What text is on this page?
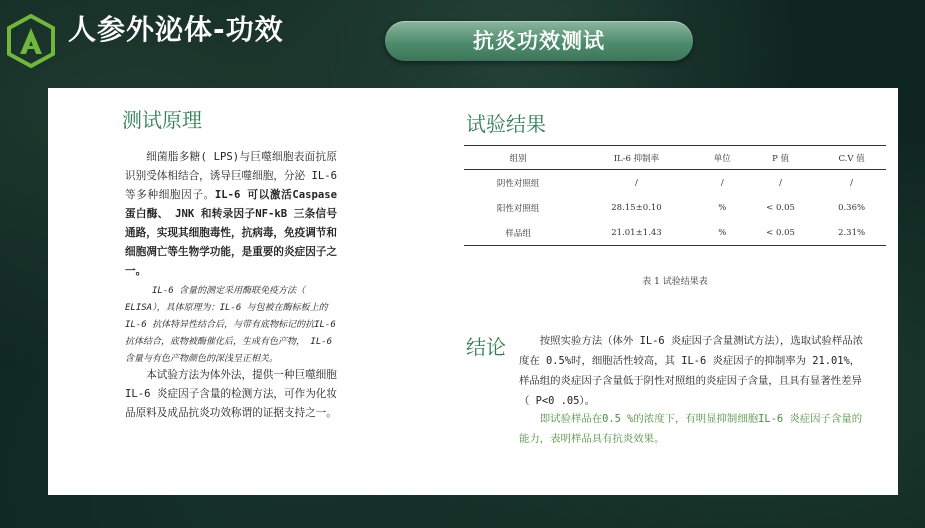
人参外泌体-功效	抗炎功效测试
测试原理

细菌脂多糖( LPS)与巨噬细胞表面抗原识别受体相结合，诱导巨噬细胞，分泌 IL-6 等多种细胞因子。IL-6 可以激活Caspase蛋白酶、 JNK 和转录因子NF-kB 三条信号通路，实现其细胞毒性，抗病毒，免疫调节和细胞凋亡等生物学功能，是重要的炎症因子之一。

IL-6 含量的测定采用酶联免疫方法（ ELISA），具体原理为：IL-6 与包被在酶标板上的 IL-6 抗体特异性结合后，与带有底物标记的抗IL-6抗体结合，底物被酶催化后，生成有色产物， IL-6 含量与有色产物颜色的深浅呈正相关。

本试验方法为体外法，提供一种巨噬细胞 IL-6 炎症因子含量的检测方法，可作为化妆品原料及成品抗炎功效称谓的证据支持之一。

试验结果
组别	IL-6 抑制率	单位	P 值	C.V 值
阴性对照组	/	/	/	/
阳性对照组	28.15±0.10	%	< 0.05	0.36%
样品组	21.01±1.43	%	< 0.05	2.31%
表 1 试验结果表
结论	按照实验方法（体外 IL-6 炎症因子含量测试方法），选取试验样品浓度在 0.5%时，细胞活性较高，其 IL-6 炎症因子的抑制率为 21.01%，样品组的炎症因子含量低于阴性对照组的炎症因子含量，且具有显著性差异（ P<0 .05）。

即试验样品在0.5 %的浓度下，有明显抑制细胞IL-6 炎症因子含量的能力，表明样品具有抗炎效果。
